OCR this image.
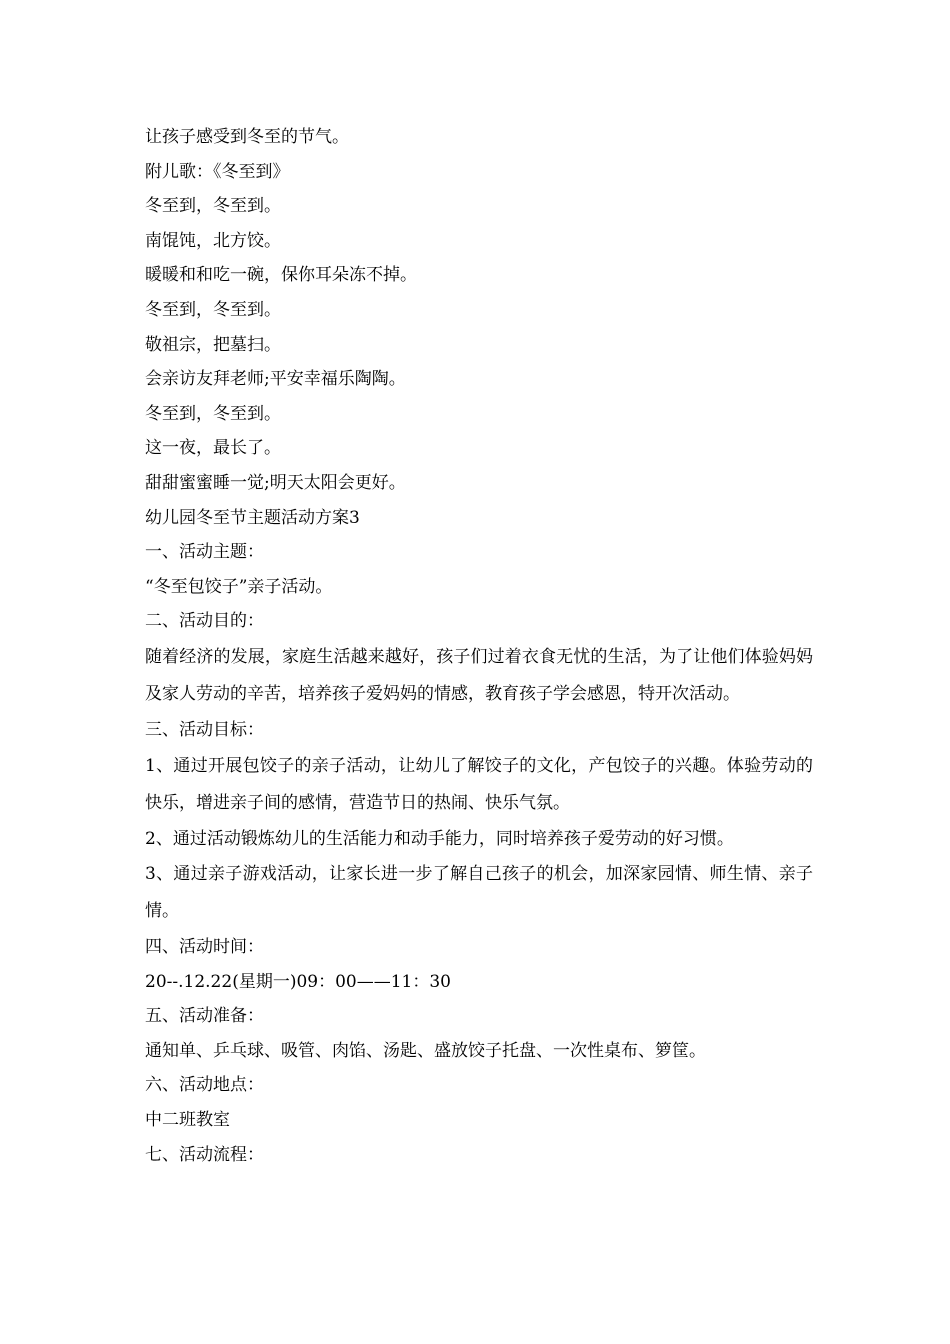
让孩子感受到冬至的节气。

附儿歌：《冬至到》

冬至到，冬至到。

南馄饨，北方饺。

暖暖和和吃一碗，保你耳朵冻不掉。

冬至到，冬至到。

敬祖宗，把墓扫。

会亲访友拜老师;平安幸福乐陶陶。

冬至到，冬至到。

这一夜，最长了。

甜甜蜜蜜睡一觉;明天太阳会更好。

幼儿园冬至节主题活动方案3

一、活动主题：

“冬至包饺子”亲子活动。

二、活动目的：

随着经济的发展，家庭生活越来越好，孩子们过着衣食无忧的生活，为了让他们体验妈妈及家人劳动的辛苦，培养孩子爱妈妈的情感，教育孩子学会感恩，特开次活动。

三、活动目标：

1、通过开展包饺子的亲子活动，让幼儿了解饺子的文化，产包饺子的兴趣。体验劳动的快乐，增进亲子间的感情，营造节日的热闹、快乐气氛。

2、通过活动锻炼幼儿的生活能力和动手能力，同时培养孩子爱劳动的好习惯。

3、通过亲子游戏活动，让家长进一步了解自己孩子的机会，加深家园情、师生情、亲子情。

四、活动时间：

20--.12.22(星期一)09：00——11：30

五、活动准备：

通知单、乒乓球、吸管、肉馅、汤匙、盛放饺子托盘、一次性桌布、箩筐。

六、活动地点：

中二班教室

七、活动流程：
